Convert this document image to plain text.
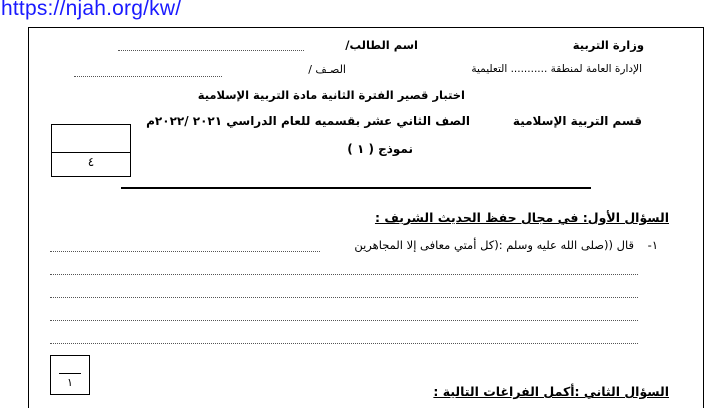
https://njah.org/kw/
وزارة التربية
اسم الطالب/
الإدارة العامة لمنطقة ........... التعليمية
الصـف /
اختبار قصير الفترة الثانية مادة التربية الإسلامية
قسم التربية الإسلامية
الصف الثاني عشر بقسميه للعام الدراسي ٢٠٢١ /٢٠٢٢م
نموذج ( ١ )
٤
السؤال الأول: في مجال حفظ الحديث الشريف :
١-
قال ((صلى الله عليه وسلم :(كل أمتي معافى إلا المجاهرين
١
السؤال الثاني :أكمل الفراغات التالية :
